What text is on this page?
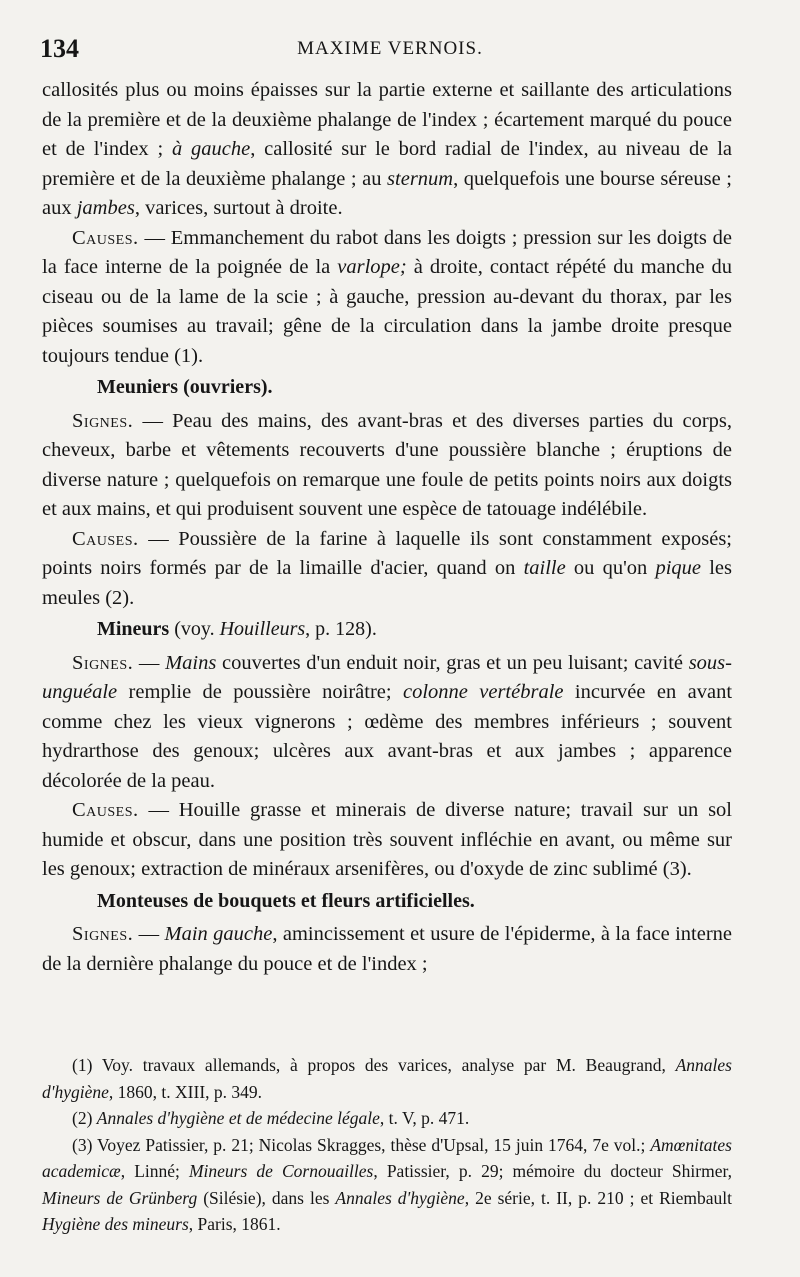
134	MAXIME VERNOIS.

callosités plus ou moins épaisses sur la partie externe et saillante des articulations de la première et de la deuxième phalange de l'index ; écartement marqué du pouce et de l'index ; à gauche, callosité sur le bord radial de l'index, au niveau de la première et de la deuxième phalange ; au sternum, quelquefois une bourse séreuse ; aux jambes, varices, surtout à droite.

Causes. — Emmanchement du rabot dans les doigts ; pression sur les doigts de la face interne de la poignée de la varlope; à droite, contact répété du manche du ciseau ou de la lame de la scie ; à gauche, pression au-devant du thorax, par les pièces soumises au travail; gêne de la circulation dans la jambe droite presque toujours tendue (1).

Meuniers (ouvriers).

Signes. — Peau des mains, des avant-bras et des diverses parties du corps, cheveux, barbe et vêtements recouverts d'une poussière blanche ; éruptions de diverse nature ; quelquefois on remarque une foule de petits points noirs aux doigts et aux mains, et qui produisent souvent une espèce de tatouage indélébile.

Causes. — Poussière de la farine à laquelle ils sont constamment exposés; points noirs formés par de la limaille d'acier, quand on taille ou qu'on pique les meules (2).

Mineurs (voy. Houilleurs, p. 128).

Signes. — Mains couvertes d'un enduit noir, gras et un peu luisant; cavité sous-unguéale remplie de poussière noirâtre; colonne vertébrale incurvée en avant comme chez les vieux vignerons ; œdème des membres inférieurs ; souvent hydrarthose des genoux; ulcères aux avant-bras et aux jambes ; apparence décolorée de la peau.

Causes. — Houille grasse et minerais de diverse nature; travail sur un sol humide et obscur, dans une position très souvent infléchie en avant, ou même sur les genoux; extraction de minéraux arsenifères, ou d'oxyde de zinc sublimé (3).

Monteuses de bouquets et fleurs artificielles.

Signes. — Main gauche, amincissement et usure de l'épiderme, à la face interne de la dernière phalange du pouce et de l'index ;

(1) Voy. travaux allemands, à propos des varices, analyse par M. Beaugrand, Annales d'hygiène, 1860, t. XIII, p. 349.

(2) Annales d'hygiène et de médecine légale, t. V, p. 471.

(3) Voyez Patissier, p. 21; Nicolas Skragges, thèse d'Upsal, 15 juin 1764, 7e vol.; Amœnitates academicæ, Linné; Mineurs de Cornouailles, Patissier, p. 29; mémoire du docteur Shirmer, Mineurs de Grünberg (Silésie), dans les Annales d'hygiène, 2e série, t. II, p. 210 ; et Riembault Hygiène des mineurs, Paris, 1861.
